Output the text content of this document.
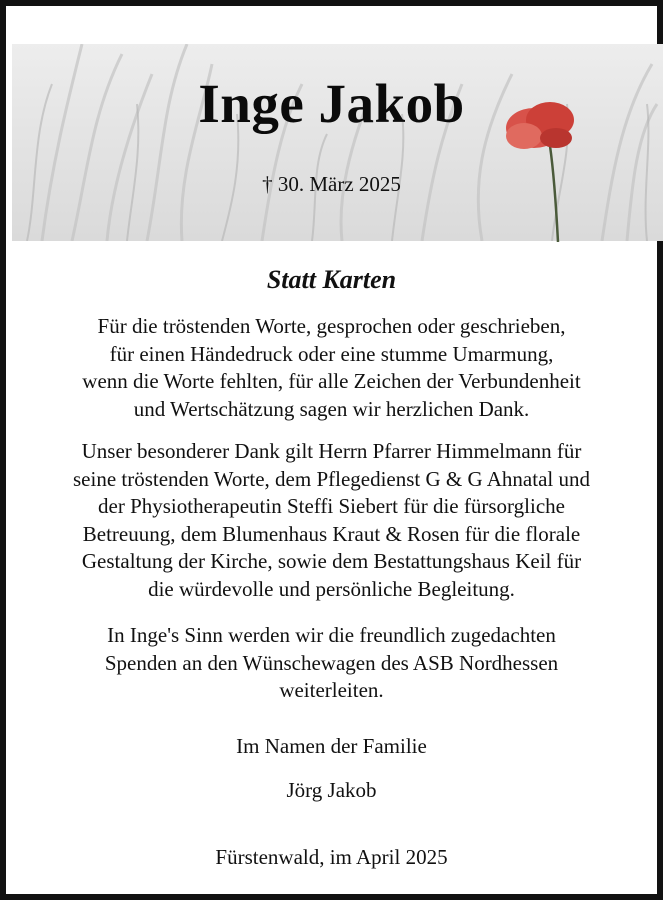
Inge Jakob

† 30. März 2025

Statt Karten

Für die tröstenden Worte, gesprochen oder geschrieben,
für einen Händedruck oder eine stumme Umarmung,
wenn die Worte fehlten, für alle Zeichen der Verbundenheit
und Wertschätzung sagen wir herzlichen Dank.

Unser besonderer Dank gilt Herrn Pfarrer Himmelmann für
seine tröstenden Worte, dem Pflegedienst G & G Ahnatal und
der Physiotherapeutin Steffi Siebert für die fürsorgliche
Betreuung, dem Blumenhaus Kraut & Rosen für die florale
Gestaltung der Kirche, sowie dem Bestattungshaus Keil für
die würdevolle und persönliche Begleitung.

In Inge's Sinn werden wir die freundlich zugedachten
Spenden an den Wünschewagen des ASB Nordhessen
weiterleiten.

Im Namen der Familie

Jörg Jakob

Fürstenwald, im April 2025
